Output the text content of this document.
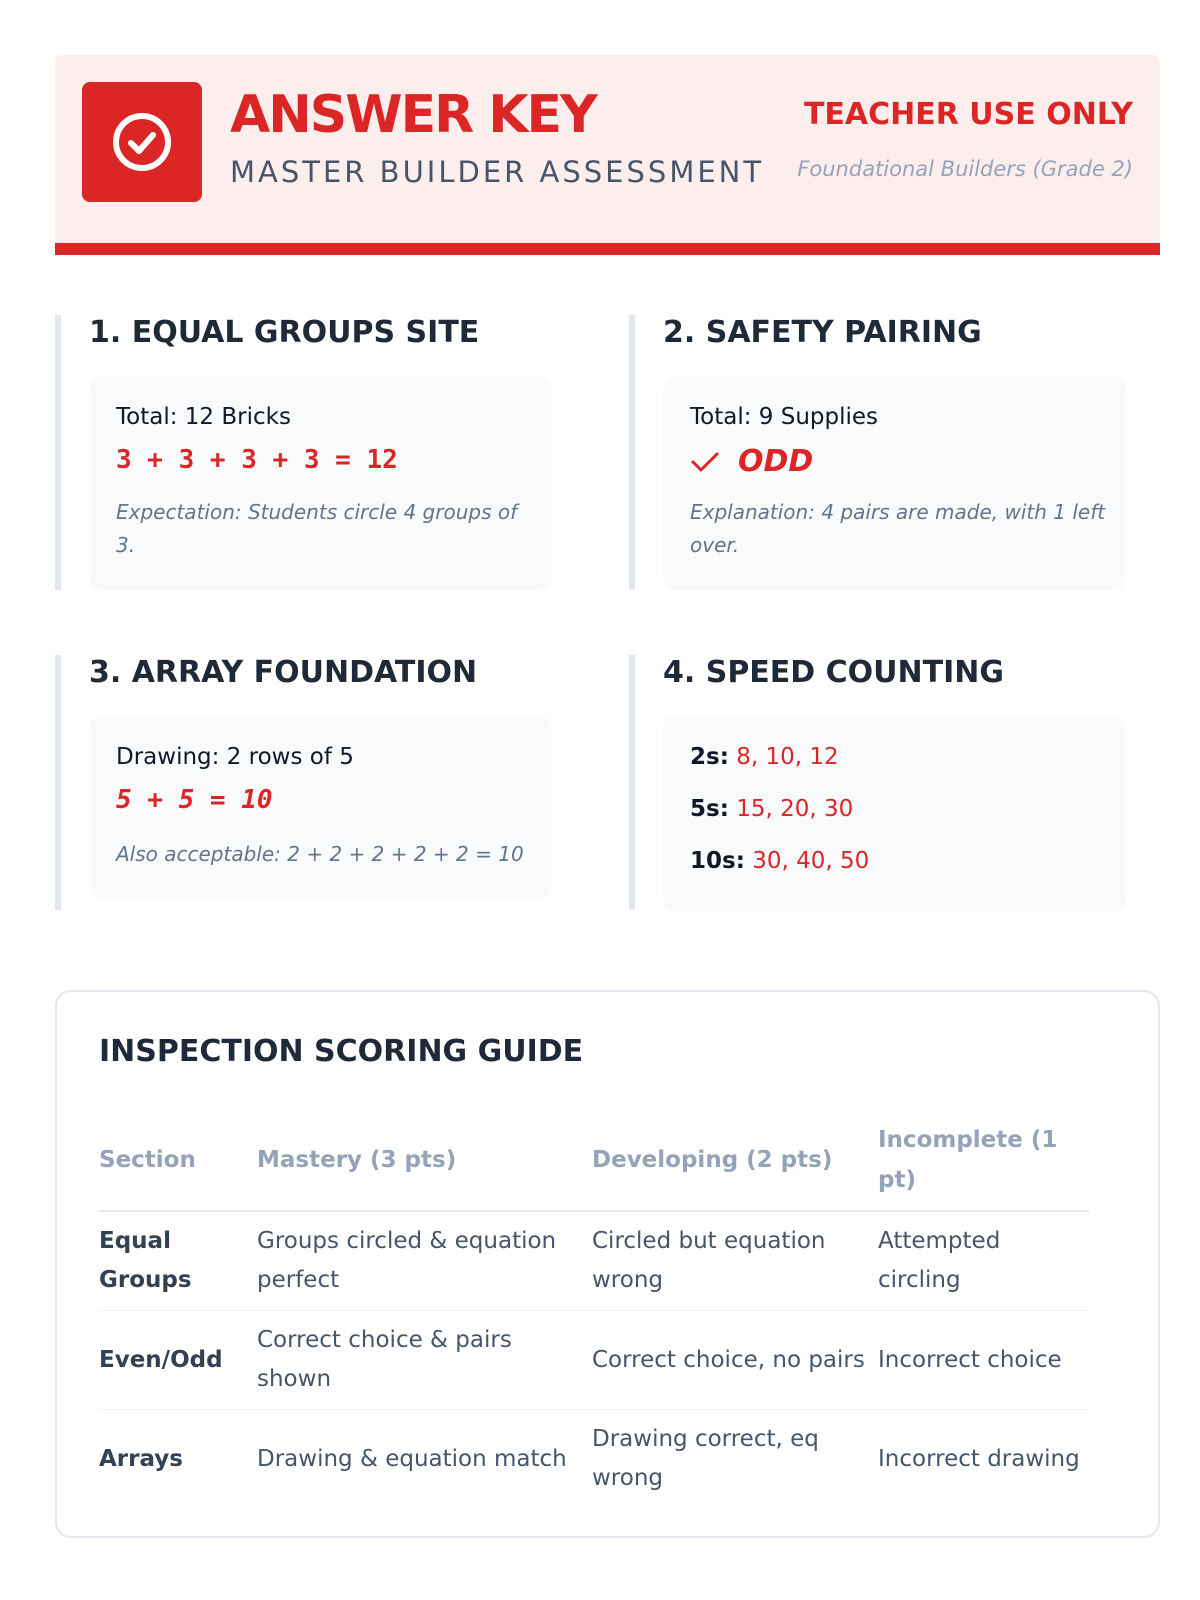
ANSWER KEY
MASTER BUILDER ASSESSMENT
TEACHER USE ONLY
Foundational Builders (Grade 2)
1. EQUAL GROUPS SITE
Total: 12 Bricks
3 + 3 + 3 + 3 = 12
Expectation: Students circle 4 groups of 3.
2. SAFETY PAIRING
Total: 9 Supplies
ODD
Explanation: 4 pairs are made, with 1 left over.
3. ARRAY FOUNDATION
Drawing: 2 rows of 5
5 + 5 = 10
Also acceptable: 2 + 2 + 2 + 2 + 2 = 10
4. SPEED COUNTING
2s: 8, 10, 12
5s: 15, 20, 30
10s: 30, 40, 50
INSPECTION SCORING GUIDE
Section	Mastery (3 pts)	Developing (2 pts)	Incomplete (1 pt)
Equal Groups	Groups circled & equation perfect	Circled but equation wrong	Attempted circling
Even/Odd	Correct choice & pairs shown	Correct choice, no pairs	Incorrect choice
Arrays	Drawing & equation match	Drawing correct, eq wrong	Incorrect drawing
